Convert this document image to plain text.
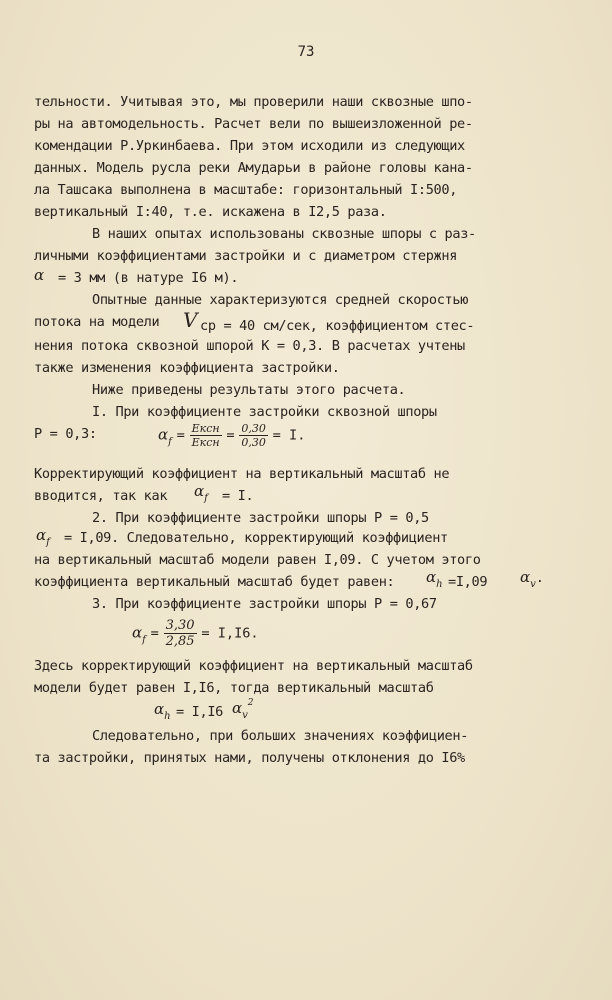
73
тельности. Учитывая это, мы проверили наши сквозные шпо-
ры на автомодельность. Расчет вели по вышеизложенной ре-
комендации Р.Уркинбаева. При этом исходили из следующих
данных. Модель русла реки Амударьи в районе головы кана-
ла Ташсака выполнена в масштабе: горизонтальный I:500,
вертикальный I:40, т.е. искажена в I2,5 раза.
В наших опытах использованы сквозные шпоры с раз-
личными коэффициентами застройки и с диаметром стержня
α = 3 мм (в натуре I6 м).
Опытные данные характеризуются средней скоростью
потока на модели V ср = 40 см/сек, коэффициентом стес-
нения потока сквозной шпорой К = 0,3. В расчетах учтены
также изменения коэффициента застройки.
Ниже приведены результаты этого расчета.
I. При коэффициенте застройки сквозной шпоры
P = 0,3:	$\alpha_f = \frac{\text{Eксн}}{\text{Eксн}} = \frac{0,30}{0,30} = I$.
Корректирующий коэффициент на вертикальный масштаб не
вводится, так как $\alpha_f = I$.
2. При коэффициенте застройки шпоры P = 0,5
$\alpha_f = I,09$. Следовательно, корректирующий коэффициент
на вертикальный масштаб модели равен I,09. С учетом этого
коэффициента вертикальный масштаб будет равен: $\alpha_h =I,09$ $\alpha_v$.
3. При коэффициенте застройки шпоры P = 0,67
$\alpha_f = \frac{3,30}{2,85} = I,I6$.
Здесь корректирующий коэффициент на вертикальный масштаб
модели будет равен I,I6, тогда вертикальный масштаб
$\alpha_h = I,I6$ $\alpha_v^2$
Следовательно, при больших значениях коэффициен-
та застройки, принятых нами, получены отклонения до I6%
